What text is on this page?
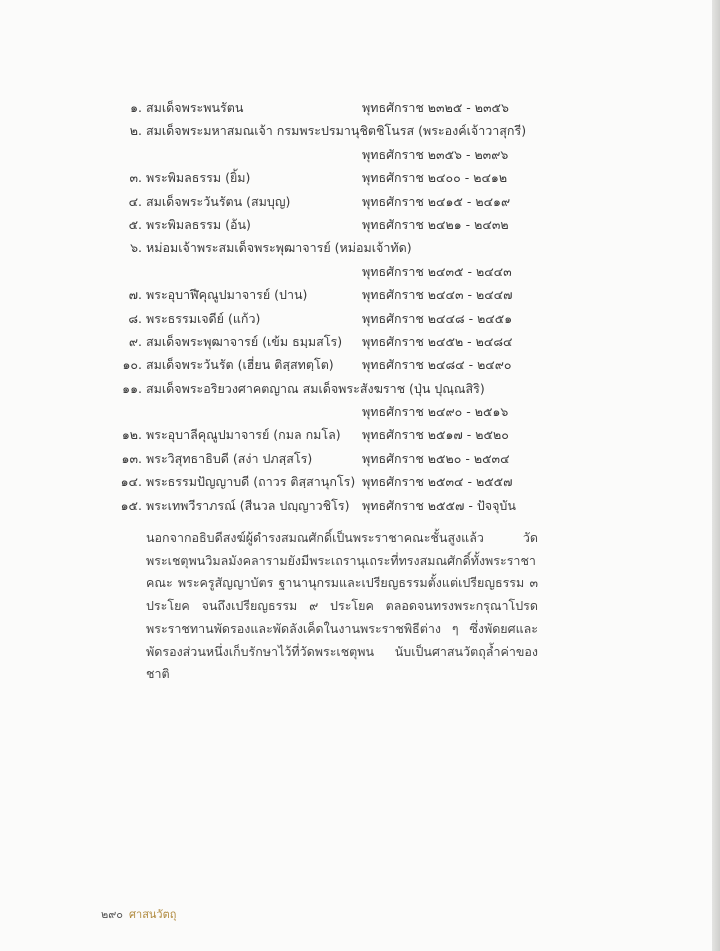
๑. สมเด็จพระพนรัตน	พุทธศักราช ๒๓๒๕ - ๒๓๕๖
๒. สมเด็จพระมหาสมณเจ้า กรมพระปรมานุชิตชิโนรส (พระองค์เจ้าวาสุกรี)
พุทธศักราช ๒๓๕๖ - ๒๓๙๖
๓. พระพิมลธรรม (ยิ้ม)	พุทธศักราช ๒๔๐๐ - ๒๔๑๒
๔. สมเด็จพระวันรัตน (สมบุญ)	พุทธศักราช ๒๔๑๕ - ๒๔๑๙
๕. พระพิมลธรรม (อ้น)	พุทธศักราช ๒๔๒๑ - ๒๔๓๒
๖. หม่อมเจ้าพระสมเด็จพระพุฒาจารย์ (หม่อมเจ้าทัด)
พุทธศักราช ๒๔๓๕ - ๒๔๔๓
๗. พระอุบาฬีคุณูปมาจารย์ (ปาน)	พุทธศักราช ๒๔๔๓ - ๒๔๔๗
๘. พระธรรมเจดีย์ (แก้ว)	พุทธศักราช ๒๔๔๘ - ๒๔๕๑
๙. สมเด็จพระพุฒาจารย์ (เข้ม ธมฺมสโร) พุทธศักราช ๒๔๕๒ - ๒๔๘๔
๑๐. สมเด็จพระวันรัต (เฮี่ยน ติสฺสทตฺโต) พุทธศักราช ๒๔๘๔ - ๒๔๙๐
๑๑. สมเด็จพระอริยวงศาคตญาณ สมเด็จพระสังฆราช (ปุ่น ปุณฺณสิริ)
พุทธศักราช ๒๔๙๐ - ๒๕๑๖
๑๒. พระอุบาลีคุณูปมาจารย์ (กมล กมโล) พุทธศักราช ๒๕๑๗ - ๒๕๒๐
๑๓. พระวิสุทธาธิบดี (สง่า ปภสฺสโร)	พุทธศักราช ๒๕๒๐ - ๒๕๓๔
๑๔. พระธรรมปัญญาบดี (ถาวร ติสฺสานุกโร) พุทธศักราช ๒๕๓๔ - ๒๕๕๗
๑๕. พระเทพวีราภรณ์ (สีนวล ปญฺญาวชิโร) พุทธศักราช ๒๕๕๗ - ปัจจุบัน
นอกจากอธิบดีสงฆ์ผู้ดำรงสมณศักดิ์เป็นพระราชาคณะชั้นสูงแล้ว วัดพระเชตุพนวิมลมังคลารามยังมีพระเถรานุเถระที่ทรงสมณศักดิ์ทั้งพระราชาคณะ พระครูสัญญาบัตร ฐานานุกรมและเปรียญธรรมตั้งแต่เปรียญธรรม ๓ ประโยค จนถึงเปรียญธรรม ๙ ประโยค ตลอดจนทรงพระกรุณาโปรดพระราชทานพัดรองและพัดลังเค็ดในงานพระราชพิธีต่าง ๆ ซึ่งพัดยศและพัดรองส่วนหนึ่งเก็บรักษาไว้ที่วัดพระเชตุพน นับเป็นศาสนวัตถุล้ำค่าของชาติ
๒๙๐ ศาสนวัตถุ
